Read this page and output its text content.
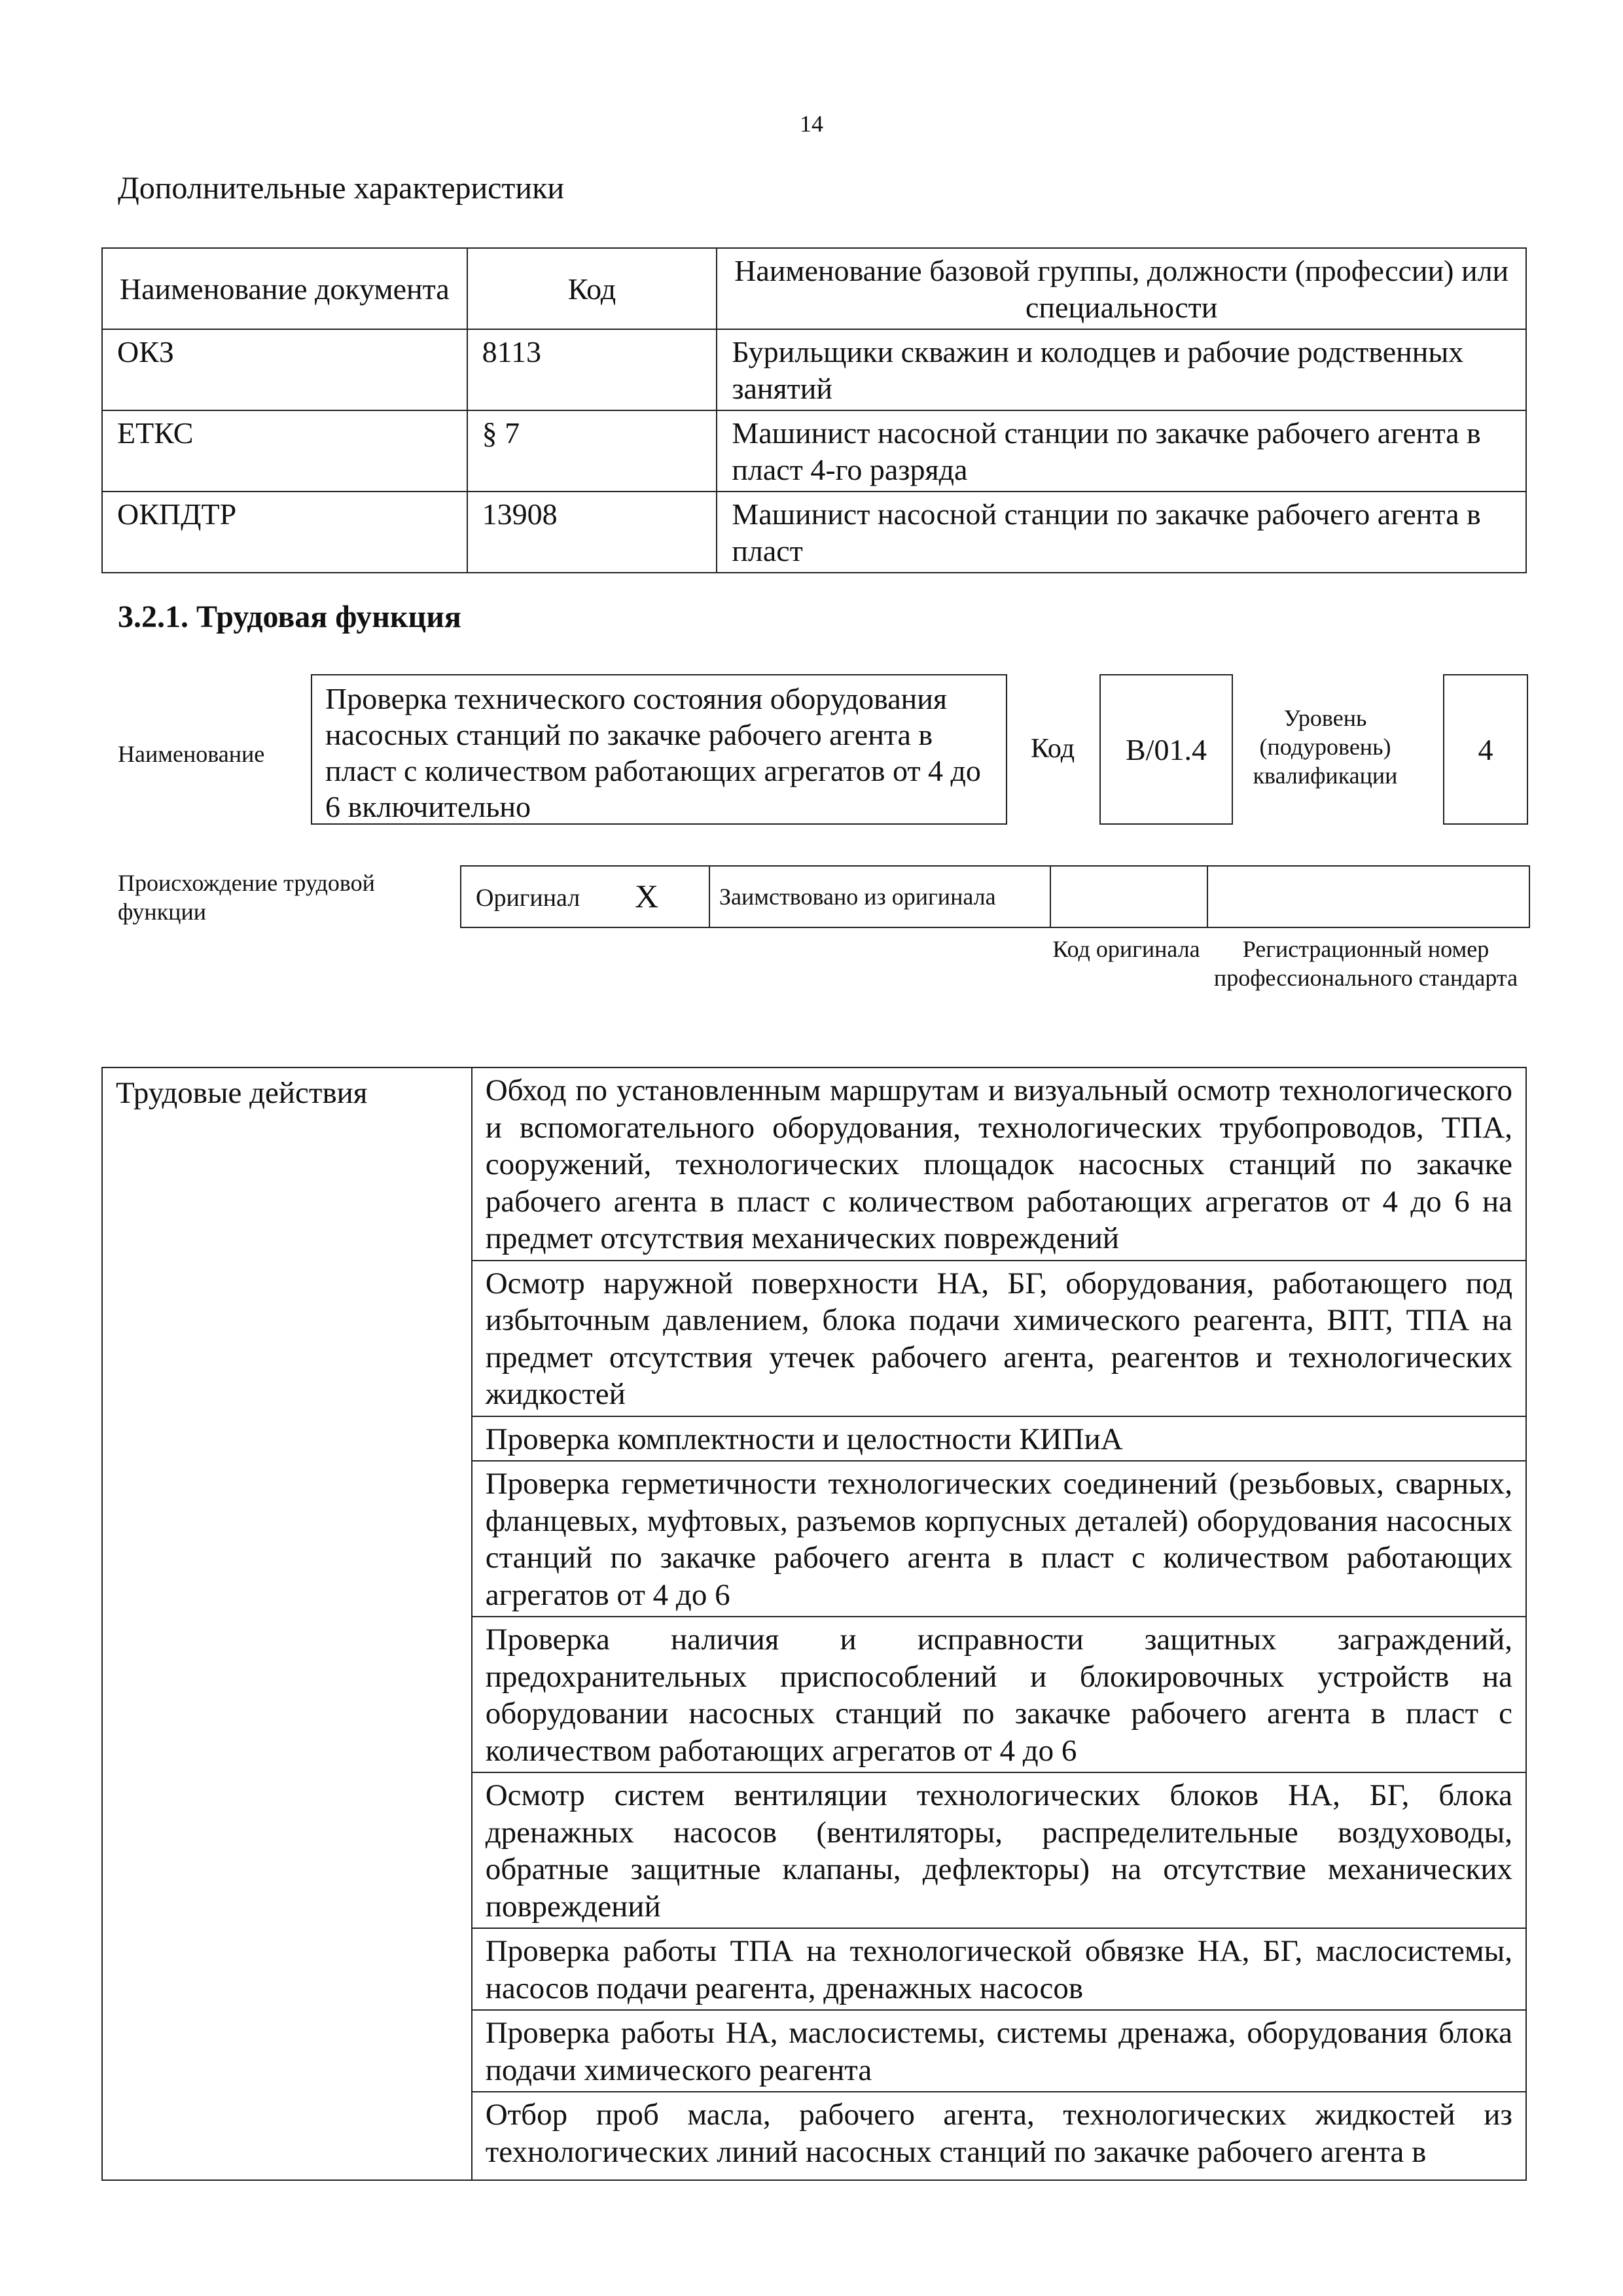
14
Дополнительные характеристики
Наименование документа	Код	Наименование базовой группы, должности (профессии) или специальности
ОКЗ	8113	Бурильщики скважин и колодцев и рабочие родственных занятий
ЕТКС	§ 7	Машинист насосной станции по закачке рабочего агента в пласт 4-го разряда
ОКПДТР	13908	Машинист насосной станции по закачке рабочего агента в пласт
3.2.1. Трудовая функция
Наименование
Проверка технического состояния оборудования насосных станций по закачке рабочего агента в пласт с количеством работающих агрегатов от 4 до 6 включительно
Код	B/01.4
Уровень (подуровень) квалификации
4
Происхождение трудовой функции	Оригинал X	Заимствовано из оригинала		
Код оригинала	Регистрационный номер профессионального стандарта
Трудовые действия	Обход по установленным маршрутам и визуальный осмотр технологического и вспомогательного оборудования, технологических трубопроводов, ТПА, сооружений, технологических площадок насосных станций по закачке рабочего агента в пласт с количеством работающих агрегатов от 4 до 6 на предмет отсутствия механических повреждений
Осмотр наружной поверхности НА, БГ, оборудования, работающего под избыточным давлением, блока подачи химического реагента, ВПТ, ТПА на предмет отсутствия утечек рабочего агента, реагентов и технологических жидкостей
Проверка комплектности и целостности КИПиА
Проверка герметичности технологических соединений (резьбовых, сварных, фланцевых, муфтовых, разъемов корпусных деталей) оборудования насосных станций по закачке рабочего агента в пласт с количеством работающих агрегатов от 4 до 6
Проверка наличия и исправности защитных заграждений, предохранительных приспособлений и блокировочных устройств на оборудовании насосных станций по закачке рабочего агента в пласт с количеством работающих агрегатов от 4 до 6
Осмотр систем вентиляции технологических блоков НА, БГ, блока дренажных насосов (вентиляторы, распределительные воздуховоды, обратные защитные клапаны, дефлекторы) на отсутствие механических повреждений
Проверка работы ТПА на технологической обвязке НА, БГ, маслосистемы, насосов подачи реагента, дренажных насосов
Проверка работы НА, маслосистемы, системы дренажа, оборудования блока подачи химического реагента
Отбор проб масла, рабочего агента, технологических жидкостей из технологических линий насосных станций по закачке рабочего агента в
